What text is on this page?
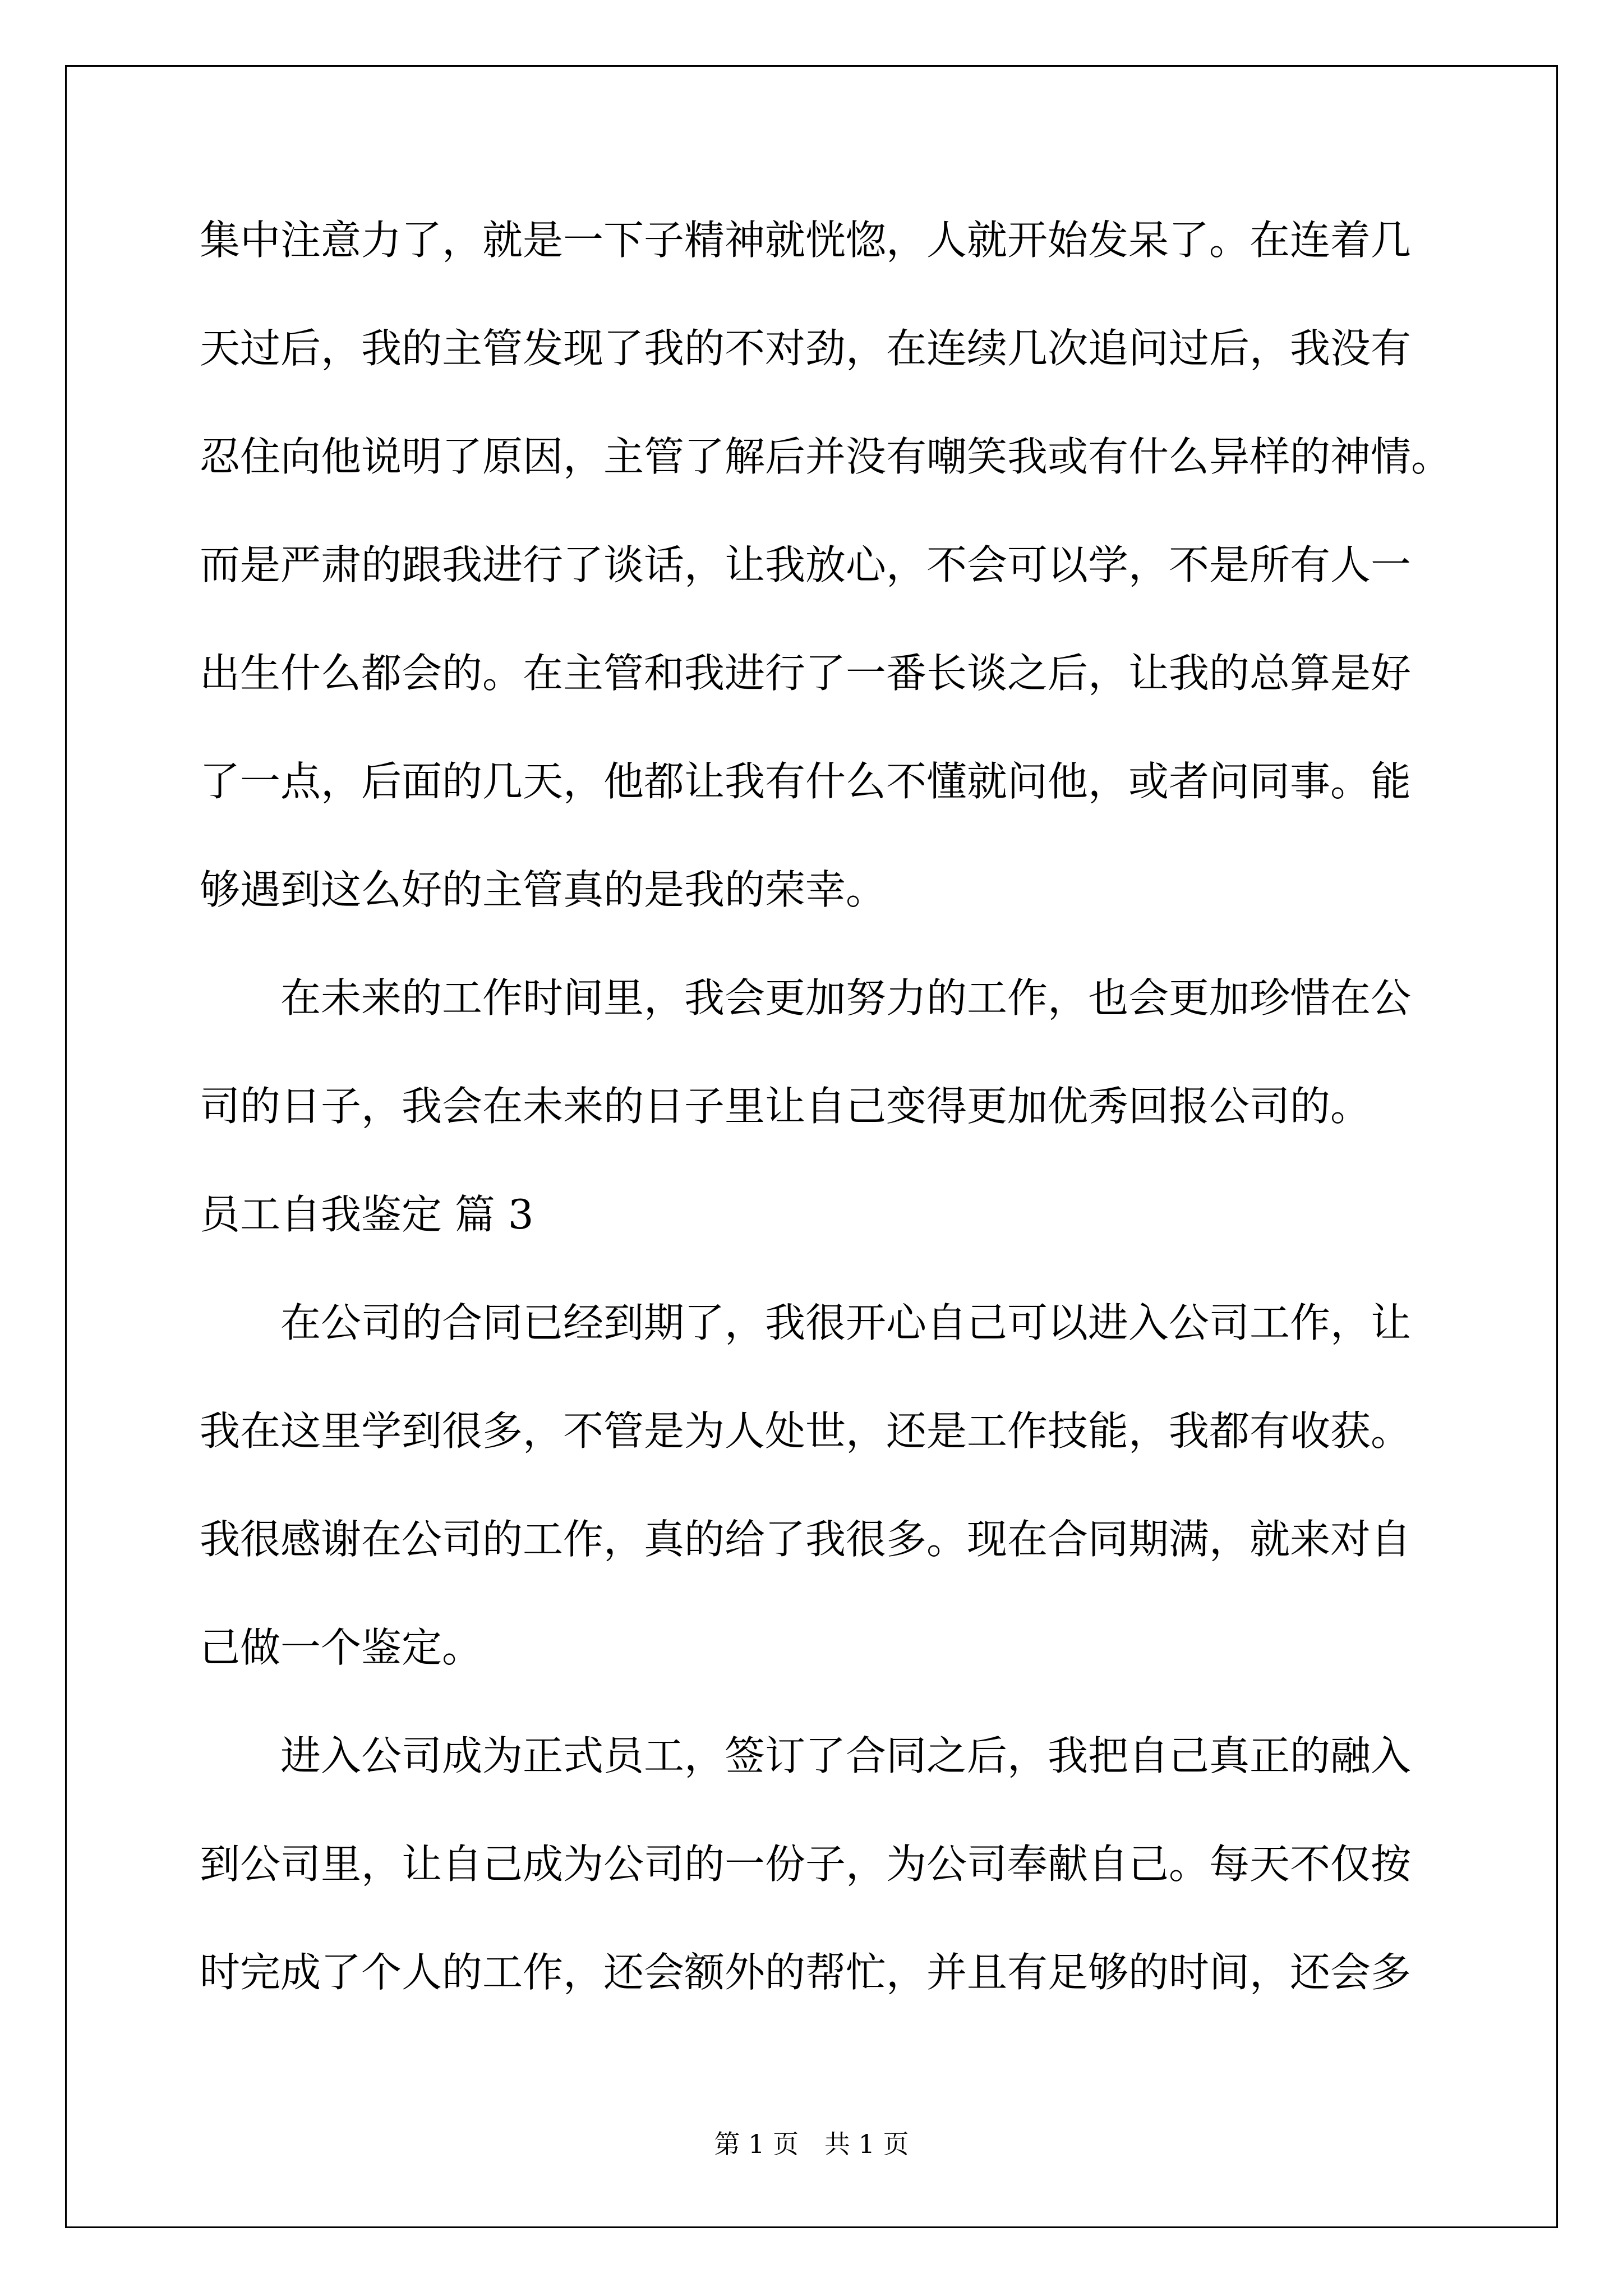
集中注意力了，就是一下子精神就恍惚，人就开始发呆了。在连着几
天过后，我的主管发现了我的不对劲，在连续几次追问过后，我没有
忍住向他说明了原因，主管了解后并没有嘲笑我或有什么异样的神情。
而是严肃的跟我进行了谈话，让我放心，不会可以学，不是所有人一
出生什么都会的。在主管和我进行了一番长谈之后，让我的总算是好
了一点，后面的几天，他都让我有什么不懂就问他，或者问同事。能
够遇到这么好的主管真的是我的荣幸。
在未来的工作时间里，我会更加努力的工作，也会更加珍惜在公
司的日子，我会在未来的日子里让自己变得更加优秀回报公司的。
员工自我鉴定 篇 3
在公司的合同已经到期了，我很开心自己可以进入公司工作，让
我在这里学到很多，不管是为人处世，还是工作技能，我都有收获。
我很感谢在公司的工作，真的给了我很多。现在合同期满，就来对自
己做一个鉴定。
进入公司成为正式员工，签订了合同之后，我把自己真正的融入
到公司里，让自己成为公司的一份子，为公司奉献自己。每天不仅按
时完成了个人的工作，还会额外的帮忙，并且有足够的时间，还会多
第 1 页 共 1 页
